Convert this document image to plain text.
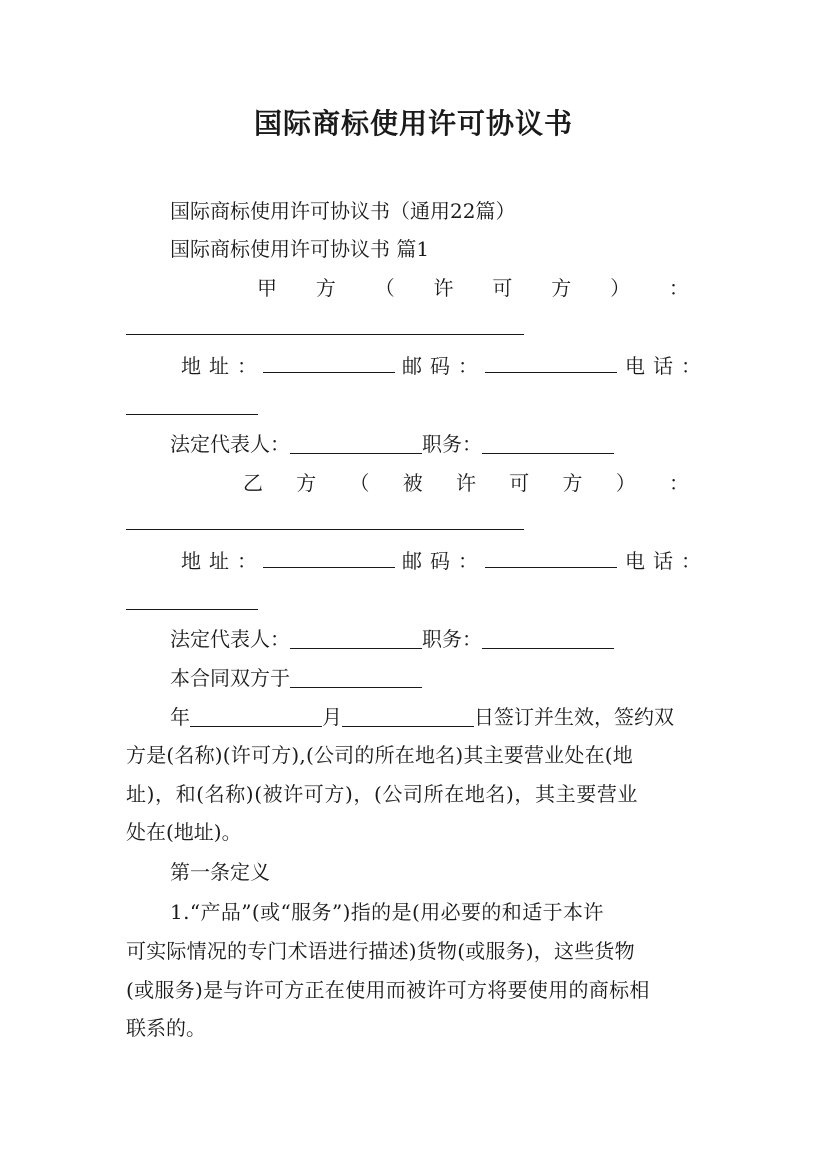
国际商标使用许可协议书
国际商标使用许可协议书（通用22篇）
国际商标使用许可协议书 篇1
甲 方 （ 许 可 方 ） ：
地址：	邮码：	电话：
法定代表人：	职务：
乙 方 （ 被 许 可 方 ） ：
地址：	邮码：	电话：
法定代表人：	职务：
本合同双方于
年	月	日签订并生效，签约双
方是(名称)(许可方),(公司的所在地名)其主要营业处在(地
址)，和(名称)(被许可方)，(公司所在地名)，其主要营业
处在(地址)。
第一条定义
1.“产品”(或“服务”)指的是(用必要的和适于本许
可实际情况的专门术语进行描述)货物(或服务)，这些货物
(或服务)是与许可方正在使用而被许可方将要使用的商标相
联系的。
